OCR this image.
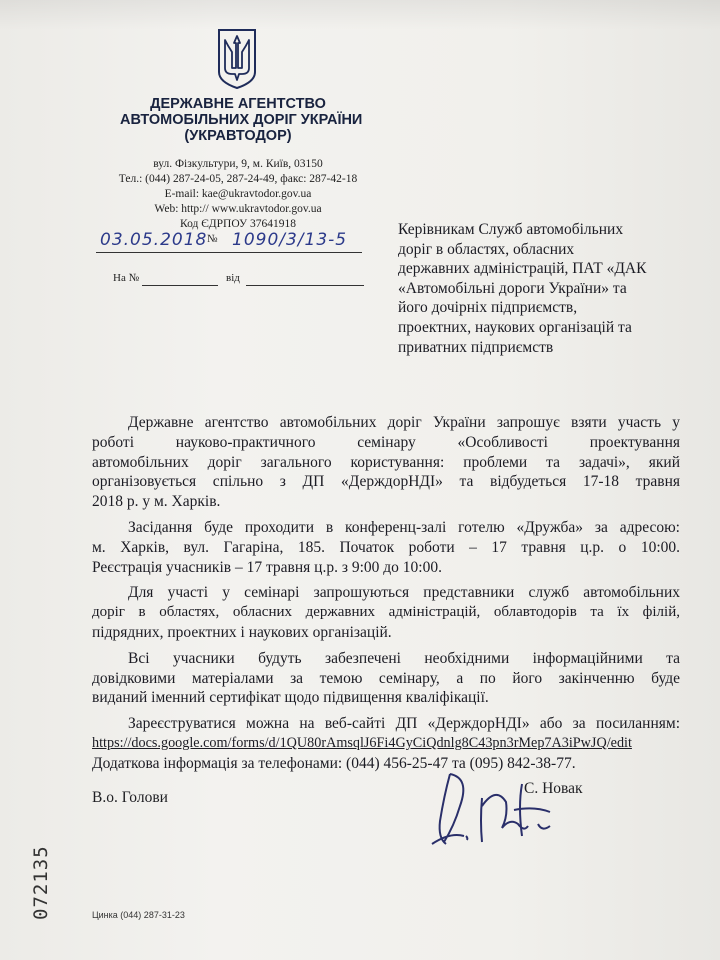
ДЕРЖАВНЕ АГЕНТСТВО
АВТОМОБІЛЬНИХ ДОРІГ УКРАЇНИ
(УКРАВТОДОР)
вул. Фізкультури, 9, м. Київ, 03150
Тел.: (044) 287-24-05, 287-24-49, факс: 287-42-18
E-mail: kae@ukravtodor.gov.ua
Web: http:// www.ukravtodor.gov.ua
Код ЄДРПОУ 37641918
03.05.2018 № 1090/3/13-5
На №	від
Керівникам Служб автомобільних
доріг в областях, обласних
державних адміністрацій, ПАТ «ДАК
«Автомобільні дороги України» та
його дочірніх підприємств,
проектних, наукових організацій та
приватних підприємств
Державне агентство автомобільних доріг України запрошує взяти участь у
роботі науково-практичного семінару «Особливості проектування
автомобільних доріг загального користування: проблеми та задачі», який
організовується спільно з ДП «ДерждорНДІ» та відбудеться 17-18 травня
2018 р. у м. Харків.
Засідання буде проходити в конференц-залі готелю «Дружба» за адресою:
м. Харків, вул. Гагаріна, 185. Початок роботи – 17 травня ц.р. о 10:00.
Реєстрація учасників – 17 травня ц.р. з 9:00 до 10:00.
Для участі у семінарі запрошуються представники служб автомобільних
доріг в областях, обласних державних адміністрацій, облавтодорів та їх філій,
підрядних, проектних і наукових організацій.
Всі учасники будуть забезпечені необхідними інформаційними та
довідковими матеріалами за темою семінару, а по його закінченню буде
виданий іменний сертифікат щодо підвищення кваліфікації.
Зареєструватися можна на веб-сайті ДП «ДерждорНДІ» або за посиланням:
https://docs.google.com/forms/d/1QU80rAmsqlJ6Fi4GyCiQdnlg8C43pn3rMep7A3iPwJQ/edit
Додаткова інформація за телефонами: (044) 456-25-47 та (095) 842-38-77.
В.о. Голови
С. Новак
072135	Цинка (044) 287-31-23
